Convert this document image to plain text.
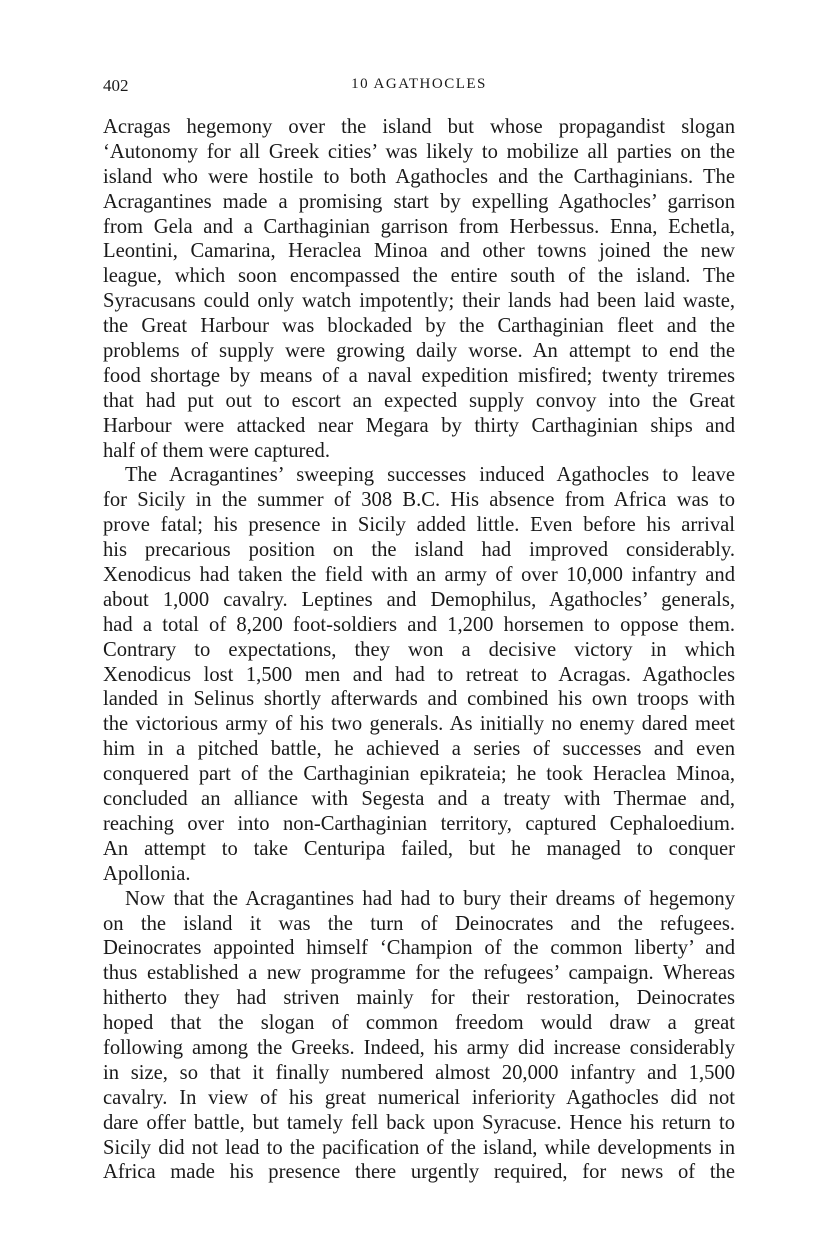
402	10 AGATHOCLES
Acragas hegemony over the island but whose propagandist slogan
‘Autonomy for all Greek cities’ was likely to mobilize all parties on the
island who were hostile to both Agathocles and the Carthaginians. The
Acragantines made a promising start by expelling Agathocles’ garrison
from Gela and a Carthaginian garrison from Herbessus. Enna, Echetla,
Leontini, Camarina, Heraclea Minoa and other towns joined the new
league, which soon encompassed the entire south of the island. The
Syracusans could only watch impotently; their lands had been laid waste,
the Great Harbour was blockaded by the Carthaginian fleet and the
problems of supply were growing daily worse. An attempt to end the
food shortage by means of a naval expedition misfired; twenty triremes
that had put out to escort an expected supply convoy into the Great
Harbour were attacked near Megara by thirty Carthaginian ships and
half of them were captured.
The Acragantines’ sweeping successes induced Agathocles to leave
for Sicily in the summer of 308 B.C. His absence from Africa was to
prove fatal; his presence in Sicily added little. Even before his arrival
his precarious position on the island had improved considerably.
Xenodicus had taken the field with an army of over 10,000 infantry and
about 1,000 cavalry. Leptines and Demophilus, Agathocles’ generals,
had a total of 8,200 foot-soldiers and 1,200 horsemen to oppose them.
Contrary to expectations, they won a decisive victory in which
Xenodicus lost 1,500 men and had to retreat to Acragas. Agathocles
landed in Selinus shortly afterwards and combined his own troops with
the victorious army of his two generals. As initially no enemy dared meet
him in a pitched battle, he achieved a series of successes and even
conquered part of the Carthaginian epikrateia; he took Heraclea Minoa,
concluded an alliance with Segesta and a treaty with Thermae and,
reaching over into non-Carthaginian territory, captured Cephaloedium.
An attempt to take Centuripa failed, but he managed to conquer
Apollonia.
Now that the Acragantines had had to bury their dreams of hegemony
on the island it was the turn of Deinocrates and the refugees.
Deinocrates appointed himself ‘Champion of the common liberty’ and
thus established a new programme for the refugees’ campaign. Whereas
hitherto they had striven mainly for their restoration, Deinocrates
hoped that the slogan of common freedom would draw a great
following among the Greeks. Indeed, his army did increase considerably
in size, so that it finally numbered almost 20,000 infantry and 1,500
cavalry. In view of his great numerical inferiority Agathocles did not
dare offer battle, but tamely fell back upon Syracuse. Hence his return to
Sicily did not lead to the pacification of the island, while developments in
Africa made his presence there urgently required, for news of the
